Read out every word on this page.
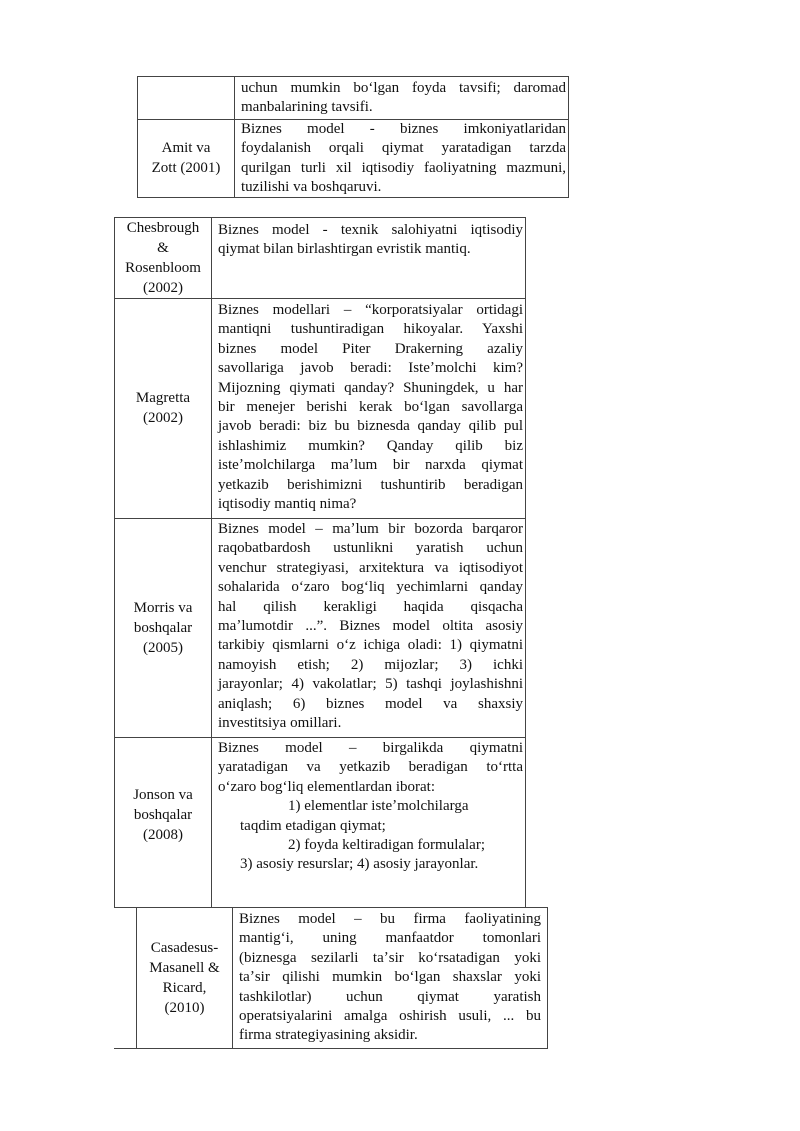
uchun mumkin boʻlgan foyda tavsifi; daromad

manbalarining tavsifi.

Amit va
Zott (2001)

Biznes model - biznes imkoniyatlaridan

foydalanish orqali qiymat yaratadigan tarzda

qurilgan turli xil iqtisodiy faoliyatning mazmuni,

tuzilishi va boshqaruvi.

Chesbrough
&
Rosenbloom
(2002)

Biznes model - texnik salohiyatni iqtisodiy

qiymat bilan birlashtirgan evristik mantiq.

Magretta
(2002)

Biznes modellari – “korporatsiyalar ortidagi

mantiqni tushuntiradigan hikoyalar. Yaxshi

biznes model Piter Drakerning azaliy

savollariga javob beradi: Isteʼmolchi kim?

Mijozning qiymati qanday? Shuningdek, u har

bir menejer berishi kerak boʻlgan savollarga

javob beradi: biz bu biznesda qanday qilib pul

ishlashimiz mumkin? Qanday qilib biz

isteʼmolchilarga maʼlum bir narxda qiymat

yetkazib berishimizni tushuntirib beradigan

iqtisodiy mantiq nima?

Morris va
boshqalar
(2005)

Biznes model – maʼlum bir bozorda barqaror

raqobatbardosh ustunlikni yaratish uchun

venchur strategiyasi, arxitektura va iqtisodiyot

sohalarida oʻzaro bogʻliq yechimlarni qanday

hal qilish kerakligi haqida qisqacha

maʼlumotdir ...”. Biznes model oltita asosiy

tarkibiy qismlarni oʻz ichiga oladi: 1) qiymatni

namoyish etish; 2) mijozlar; 3) ichki

jarayonlar; 4) vakolatlar; 5) tashqi joylashishni

aniqlash; 6) biznes model va shaxsiy

investitsiya omillari.

Jonson va
boshqalar
(2008)

Biznes model – birgalikda qiymatni

yaratadigan va yetkazib beradigan toʻrtta

oʻzaro bogʻliq elementlardan iborat:

1) elementlar isteʼmolchilarga

taqdim etadigan qiymat;

2) foyda keltiradigan formulalar;

3) asosiy resurslar; 4) asosiy jarayonlar.

Casadesus-
Masanell &
Ricard,
(2010)

Biznes model – bu firma faoliyatining

mantigʻi, uning manfaatdor tomonlari

(biznesga sezilarli taʼsir koʻrsatadigan yoki

taʼsir qilishi mumkin boʻlgan shaxslar yoki

tashkilotlar) uchun qiymat yaratish

operatsiyalarini amalga oshirish usuli, ... bu

firma strategiyasining aksidir.
